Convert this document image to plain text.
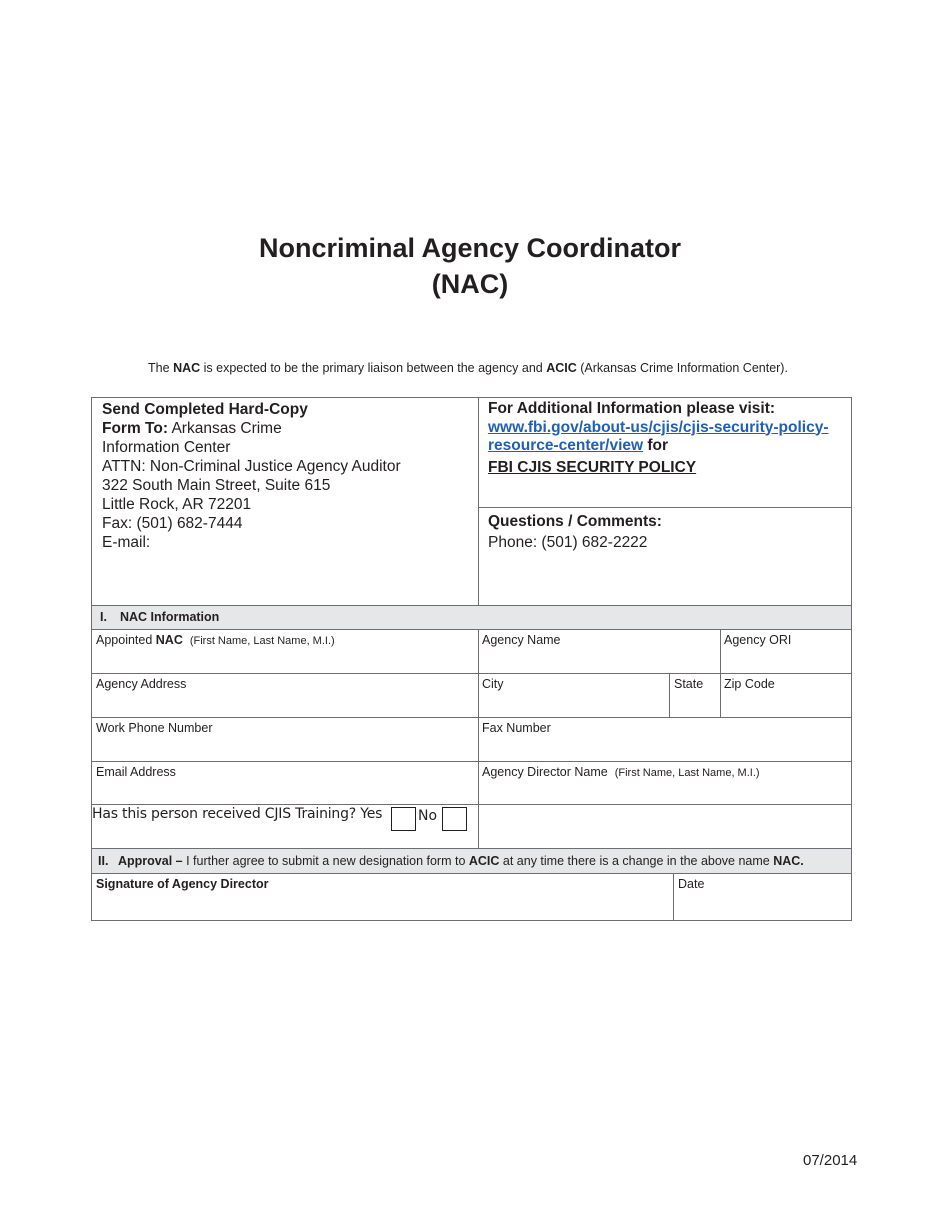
Noncriminal Agency Coordinator
(NAC)
The NAC is expected to be the primary liaison between the agency and ACIC (Arkansas Crime Information Center).
Send Completed Hard-Copy
Form To: Arkansas Crime
Information Center
ATTN: Non-Criminal Justice Agency Auditor
322 South Main Street, Suite 615
Little Rock, AR 72201
Fax: (501) 682-7444
E-mail:
For Additional Information please visit:
www.fbi.gov/about-us/cjis/cjis-security-policy-
resource-center/view for
FBI CJIS SECURITY POLICY
Questions / Comments:
Phone: (501) 682-2222
I. NAC Information
Appointed NAC (First Name, Last Name, M.I.)	Agency Name	Agency ORI
Agency Address	City	State Zip Code
Work Phone Number	Fax Number
Email Address	Agency Director Name (First Name, Last Name, M.I.)
Has this person received CJIS Training? Yes	No
II. Approval – I further agree to submit a new designation form to ACIC at any time there is a change in the above name NAC.
Signature of Agency Director	Date
07/2014
